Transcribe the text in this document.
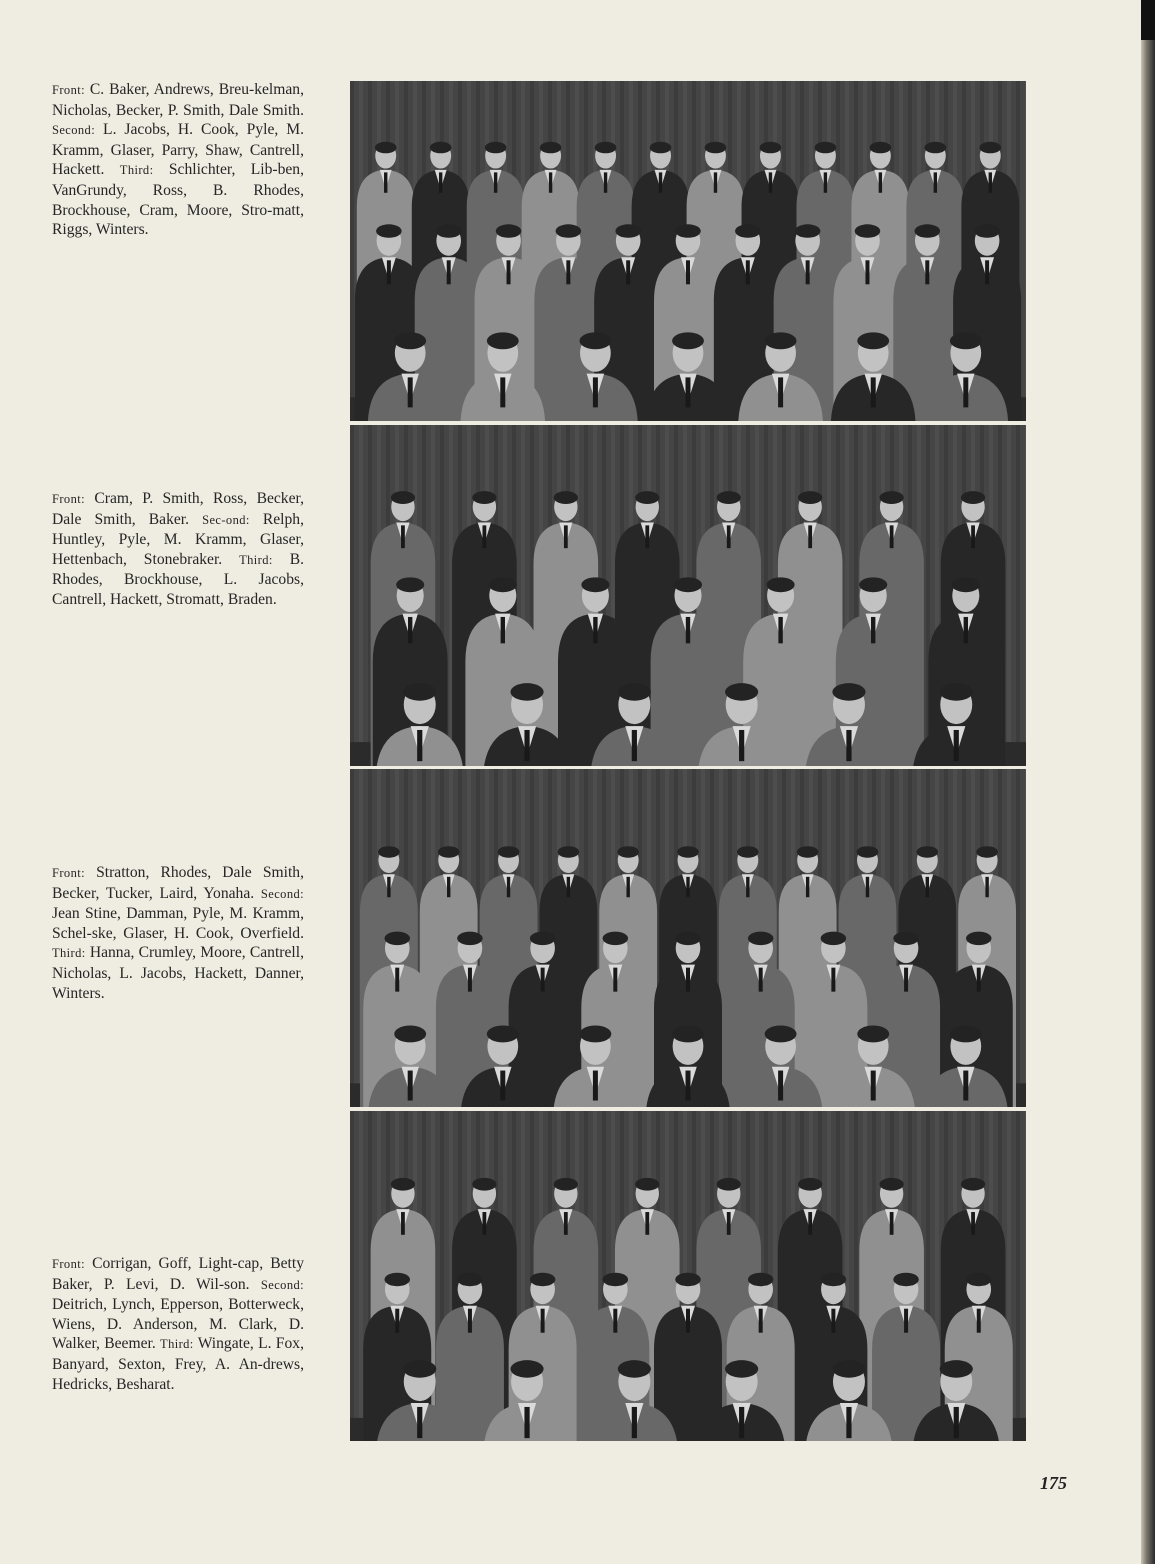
Front: C. Baker, Andrews, Breu-kelman, Nicholas, Becker, P. Smith, Dale Smith. Second: L. Jacobs, H. Cook, Pyle, M. Kramm, Glaser, Parry, Shaw, Cantrell, Hackett. Third: Schlichter, Lib-ben, VanGrundy, Ross, B. Rhodes, Brockhouse, Cram, Moore, Stro-matt, Riggs, Winters.
Front: Cram, P. Smith, Ross, Becker, Dale Smith, Baker. Sec-ond: Relph, Huntley, Pyle, M. Kramm, Glaser, Hettenbach, Stonebraker. Third: B. Rhodes, Brockhouse, L. Jacobs, Cantrell, Hackett, Stromatt, Braden.
Front: Stratton, Rhodes, Dale Smith, Becker, Tucker, Laird, Yonaha. Second: Jean Stine, Damman, Pyle, M. Kramm, Schel-ske, Glaser, H. Cook, Overfield. Third: Hanna, Crumley, Moore, Cantrell, Nicholas, L. Jacobs, Hackett, Danner, Winters.
Front: Corrigan, Goff, Light-cap, Betty Baker, P. Levi, D. Wil-son. Second: Deitrich, Lynch, Epperson, Botterweck, Wiens, D. Anderson, M. Clark, D. Walker, Beemer. Third: Wingate, L. Fox, Banyard, Sexton, Frey, A. An-drews, Hedricks, Besharat.
175
